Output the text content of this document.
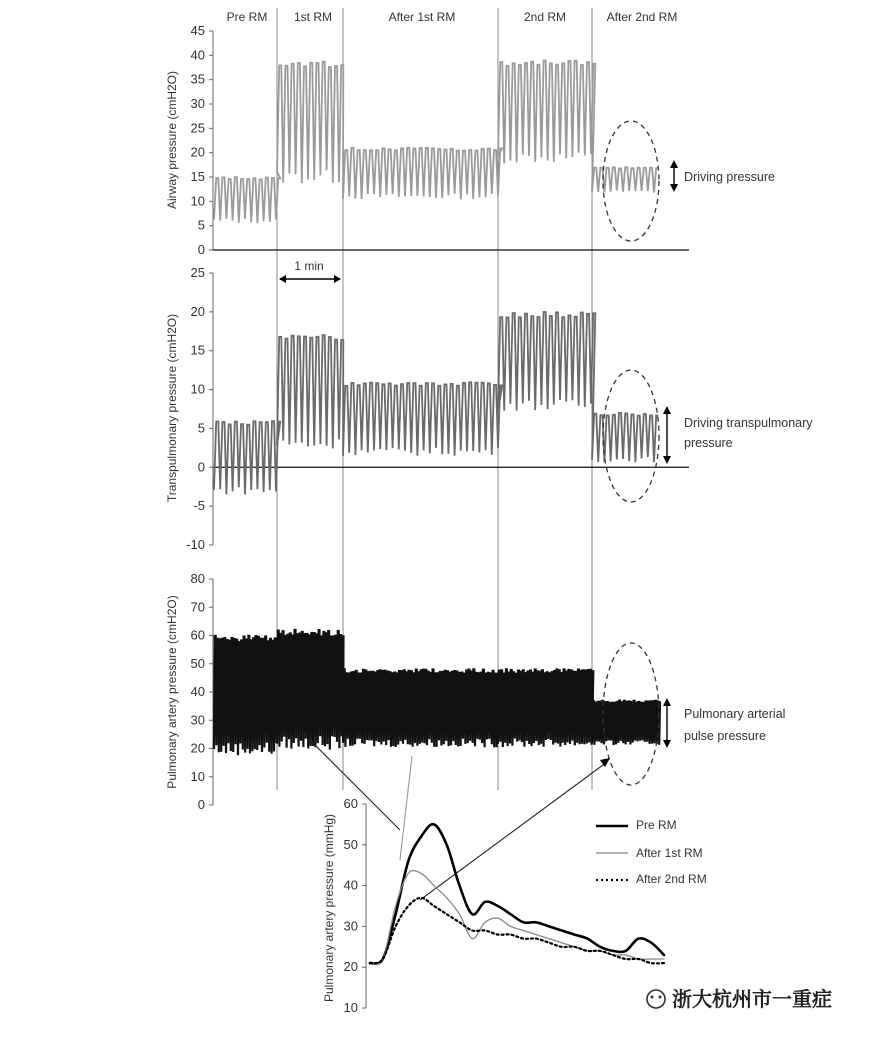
Pre RM 1st RM	After 1st RM	2nd RM	After 2nd RM
Airway pressure (cmH2O)
Transpulmonary pressure (cmH2O)
Pulmonary artery pressure (cmH2O)
Pulmonary artery pressure (mmHg)
1 min
Driving pressure
Driving transpulmonary
pressure
Pulmonary arterial
pulse pressure
Pre RM
After 1st RM
After 2nd RM
浙大杭州市一重症
0
5
10
15
20
25
30
35
40
45
-10
-5
0
5
10
15
20
25
0
10
20
30
40
50
60
70
80
10
20
30
40
50
60
